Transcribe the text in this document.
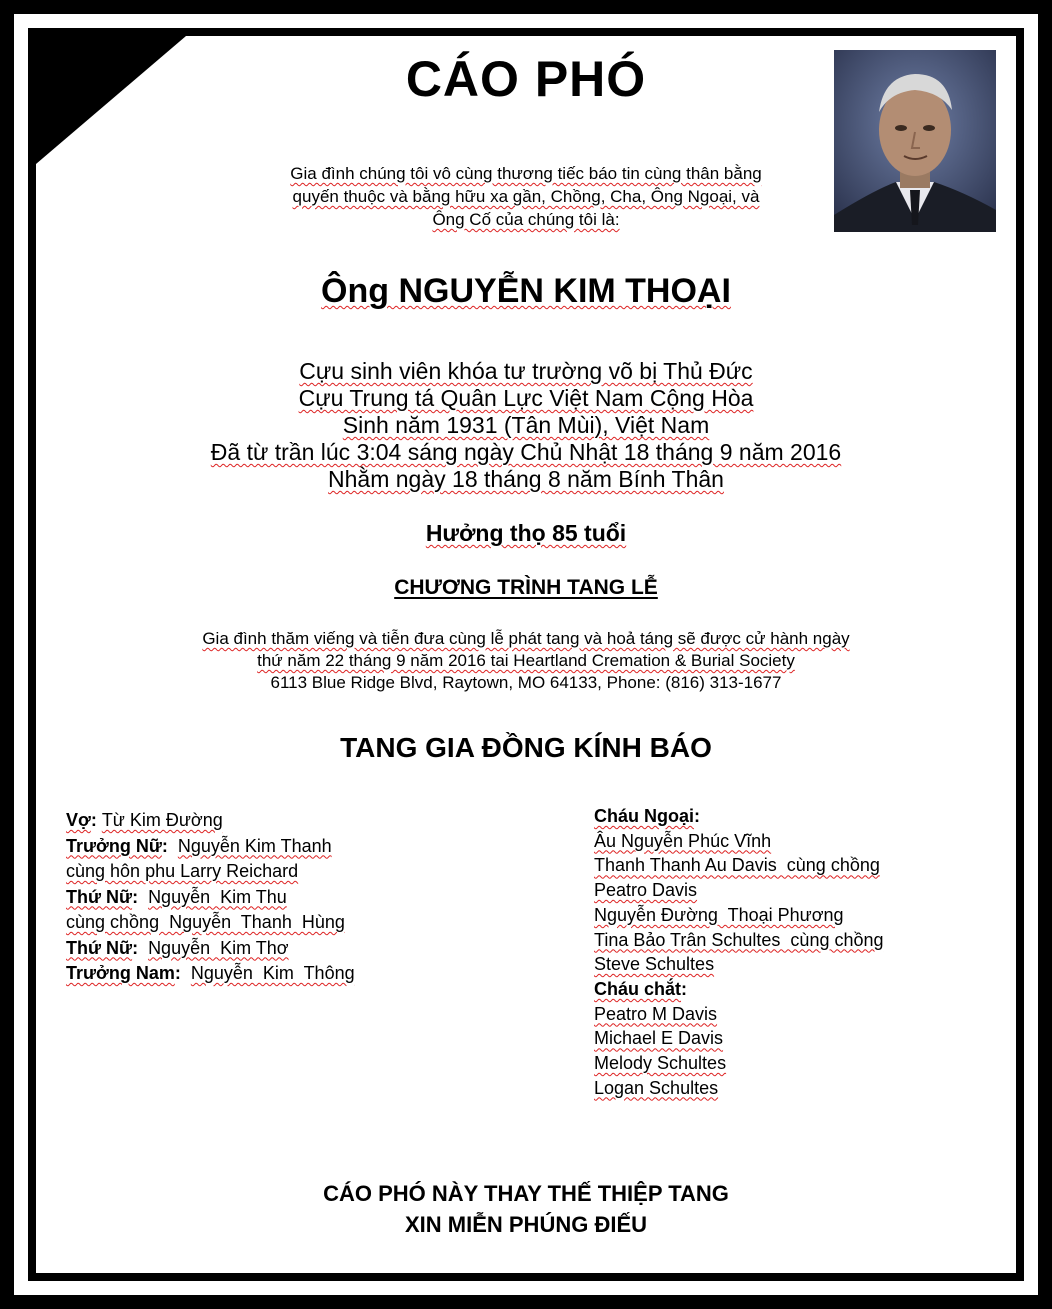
CÁO PHÓ
Gia đình chúng tôi vô cùng thương tiếc báo tin cùng thân bằng
quyến thuộc và bằng hữu xa gần, Chồng, Cha, Ông Ngoại, và
Ông Cố của chúng tôi là:
Ông NGUYỄN KIM THOẠI
Cựu sinh viên khóa tư trường võ bị Thủ Đức
Cựu Trung tá Quân Lực Việt Nam Cộng Hòa
Sinh năm 1931 (Tân Mùi), Việt Nam
Đã từ trần lúc 3:04 sáng ngày Chủ Nhật 18 tháng 9 năm 2016
Nhằm ngày 18 tháng 8 năm Bính Thân
Hưởng thọ 85 tuổi
CHƯƠNG TRÌNH TANG LỄ
Gia đình thăm viếng và tiễn đưa cùng lễ phát tang và hoả táng sẽ được cử hành ngày
thứ năm 22 tháng 9 năm 2016 tai Heartland Cremation & Burial Society
6113 Blue Ridge Blvd, Raytown, MO 64133, Phone: (816) 313-1677
TANG GIA ĐỒNG KÍNH BÁO
Vợ: Từ Kim Đường
Trưởng Nữ:  Nguyễn Kim Thanh
cùng hôn phu Larry Reichard
Thứ Nữ:  Nguyễn  Kim Thu
cùng chồng  Nguyễn  Thanh  Hùng
Thứ Nữ:  Nguyễn  Kim Thơ
Trưởng Nam:  Nguyễn  Kim  Thông
Cháu Ngoại:
Âu Nguyễn Phúc Vĩnh
Thanh Thanh Au Davis  cùng chồng
Peatro Davis
Nguyễn Đường  Thoại Phương
Tina Bảo Trân Schultes  cùng chồng
Steve Schultes
Cháu chắt:
Peatro M Davis
Michael E Davis
Melody Schultes
Logan Schultes
CÁO PHÓ NÀY THAY THẾ THIỆP TANG
XIN MIỄN PHÚNG ĐIẾU
